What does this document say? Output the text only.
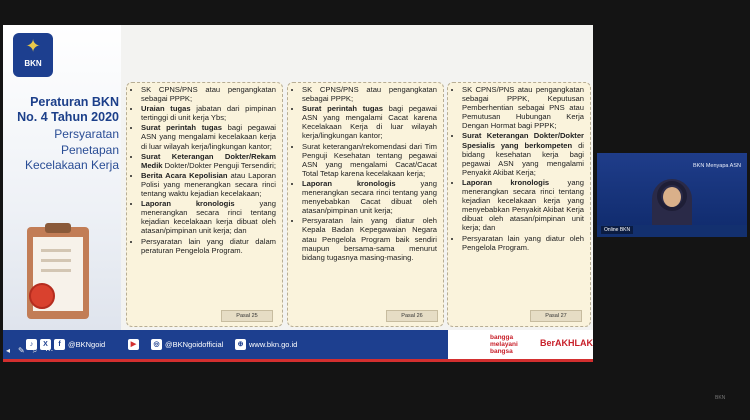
✦
BKN
Peraturan BKN No. 4 Tahun 2020
Persyaratan Penetapan Kecelakaan Kerja
• SK CPNS/PNS atau pengangkatan sebagai PPPK;
• Uraian tugas jabatan dari pimpinan tertinggi di unit kerja Ybs;
• Surat perintah tugas bagi pegawai ASN yang mengalami kecelakaan kerja di luar wilayah kerja/lingkungan kantor;
• Surat Keterangan Dokter/Rekam Medik Dokter/Dokter Penguji Tersendiri;
• Berita Acara Kepolisian atau Laporan Polisi yang menerangkan secara rinci tentang waktu kejadian kecelakaan;
• Laporan kronologis yang menerangkan secara rinci tentang kejadian kecelakaan kerja dibuat oleh atasan/pimpinan unit kerja; dan
• Persyaratan lain yang diatur dalam peraturan Pengelola Program.
Pasal 25
• SK CPNS/PNS atau pengangkatan sebagai PPPK;
• Surat perintah tugas bagi pegawai ASN yang mengalami Cacat karena Kecelakaan Kerja di luar wilayah kerja/lingkungan kantor;
• Surat keterangan/rekomendasi dari Tim Penguji Kesehatan tentang pegawai ASN yang mengalami Cacat/Cacat Total Tetap karena kecelakaan kerja;
• Laporan kronologis yang menerangkan secara rinci tentang yang menyebabkan Cacat dibuat oleh atasan/pimpinan unit kerja;
• Persyaratan lain yang diatur oleh Kepala Badan Kepegawaian Negara atau Pengelola Program baik sendiri maupun bersama-sama menurut bidang tugasnya masing-masing.
Pasal 26
• SK CPNS/PNS atau pengangkatan sebagai PPPK, Keputusan Pemberhentian sebagai PNS atau Pemutusan Hubungan Kerja Dengan Hormat bagi PPPK;
• Surat Keterangan Dokter/Dokter Spesialis yang berkompeten di bidang kesehatan kerja bagi pegawai ASN yang mengalami Penyakit Akibat Kerja;
• Laporan kronologis yang menerangkan secara rinci tentang kejadian kecelakaan kerja yang menyebabkan Penyakit Akibat Kerja dibuat oleh atasan/pimpinan unit kerja; dan
• Persyaratan lain yang diatur oleh Pengelola Program.
Pasal 27
♪	X	f @BKNgoid	▶	◎ @BKNgoidofficial	⊕ www.bkn.go.id
bangga melayani bangsa
BerAKHLAK
◂ ✎ ⌕ ⋯
BKN Menyapa ASN
Online BKN
BKN
